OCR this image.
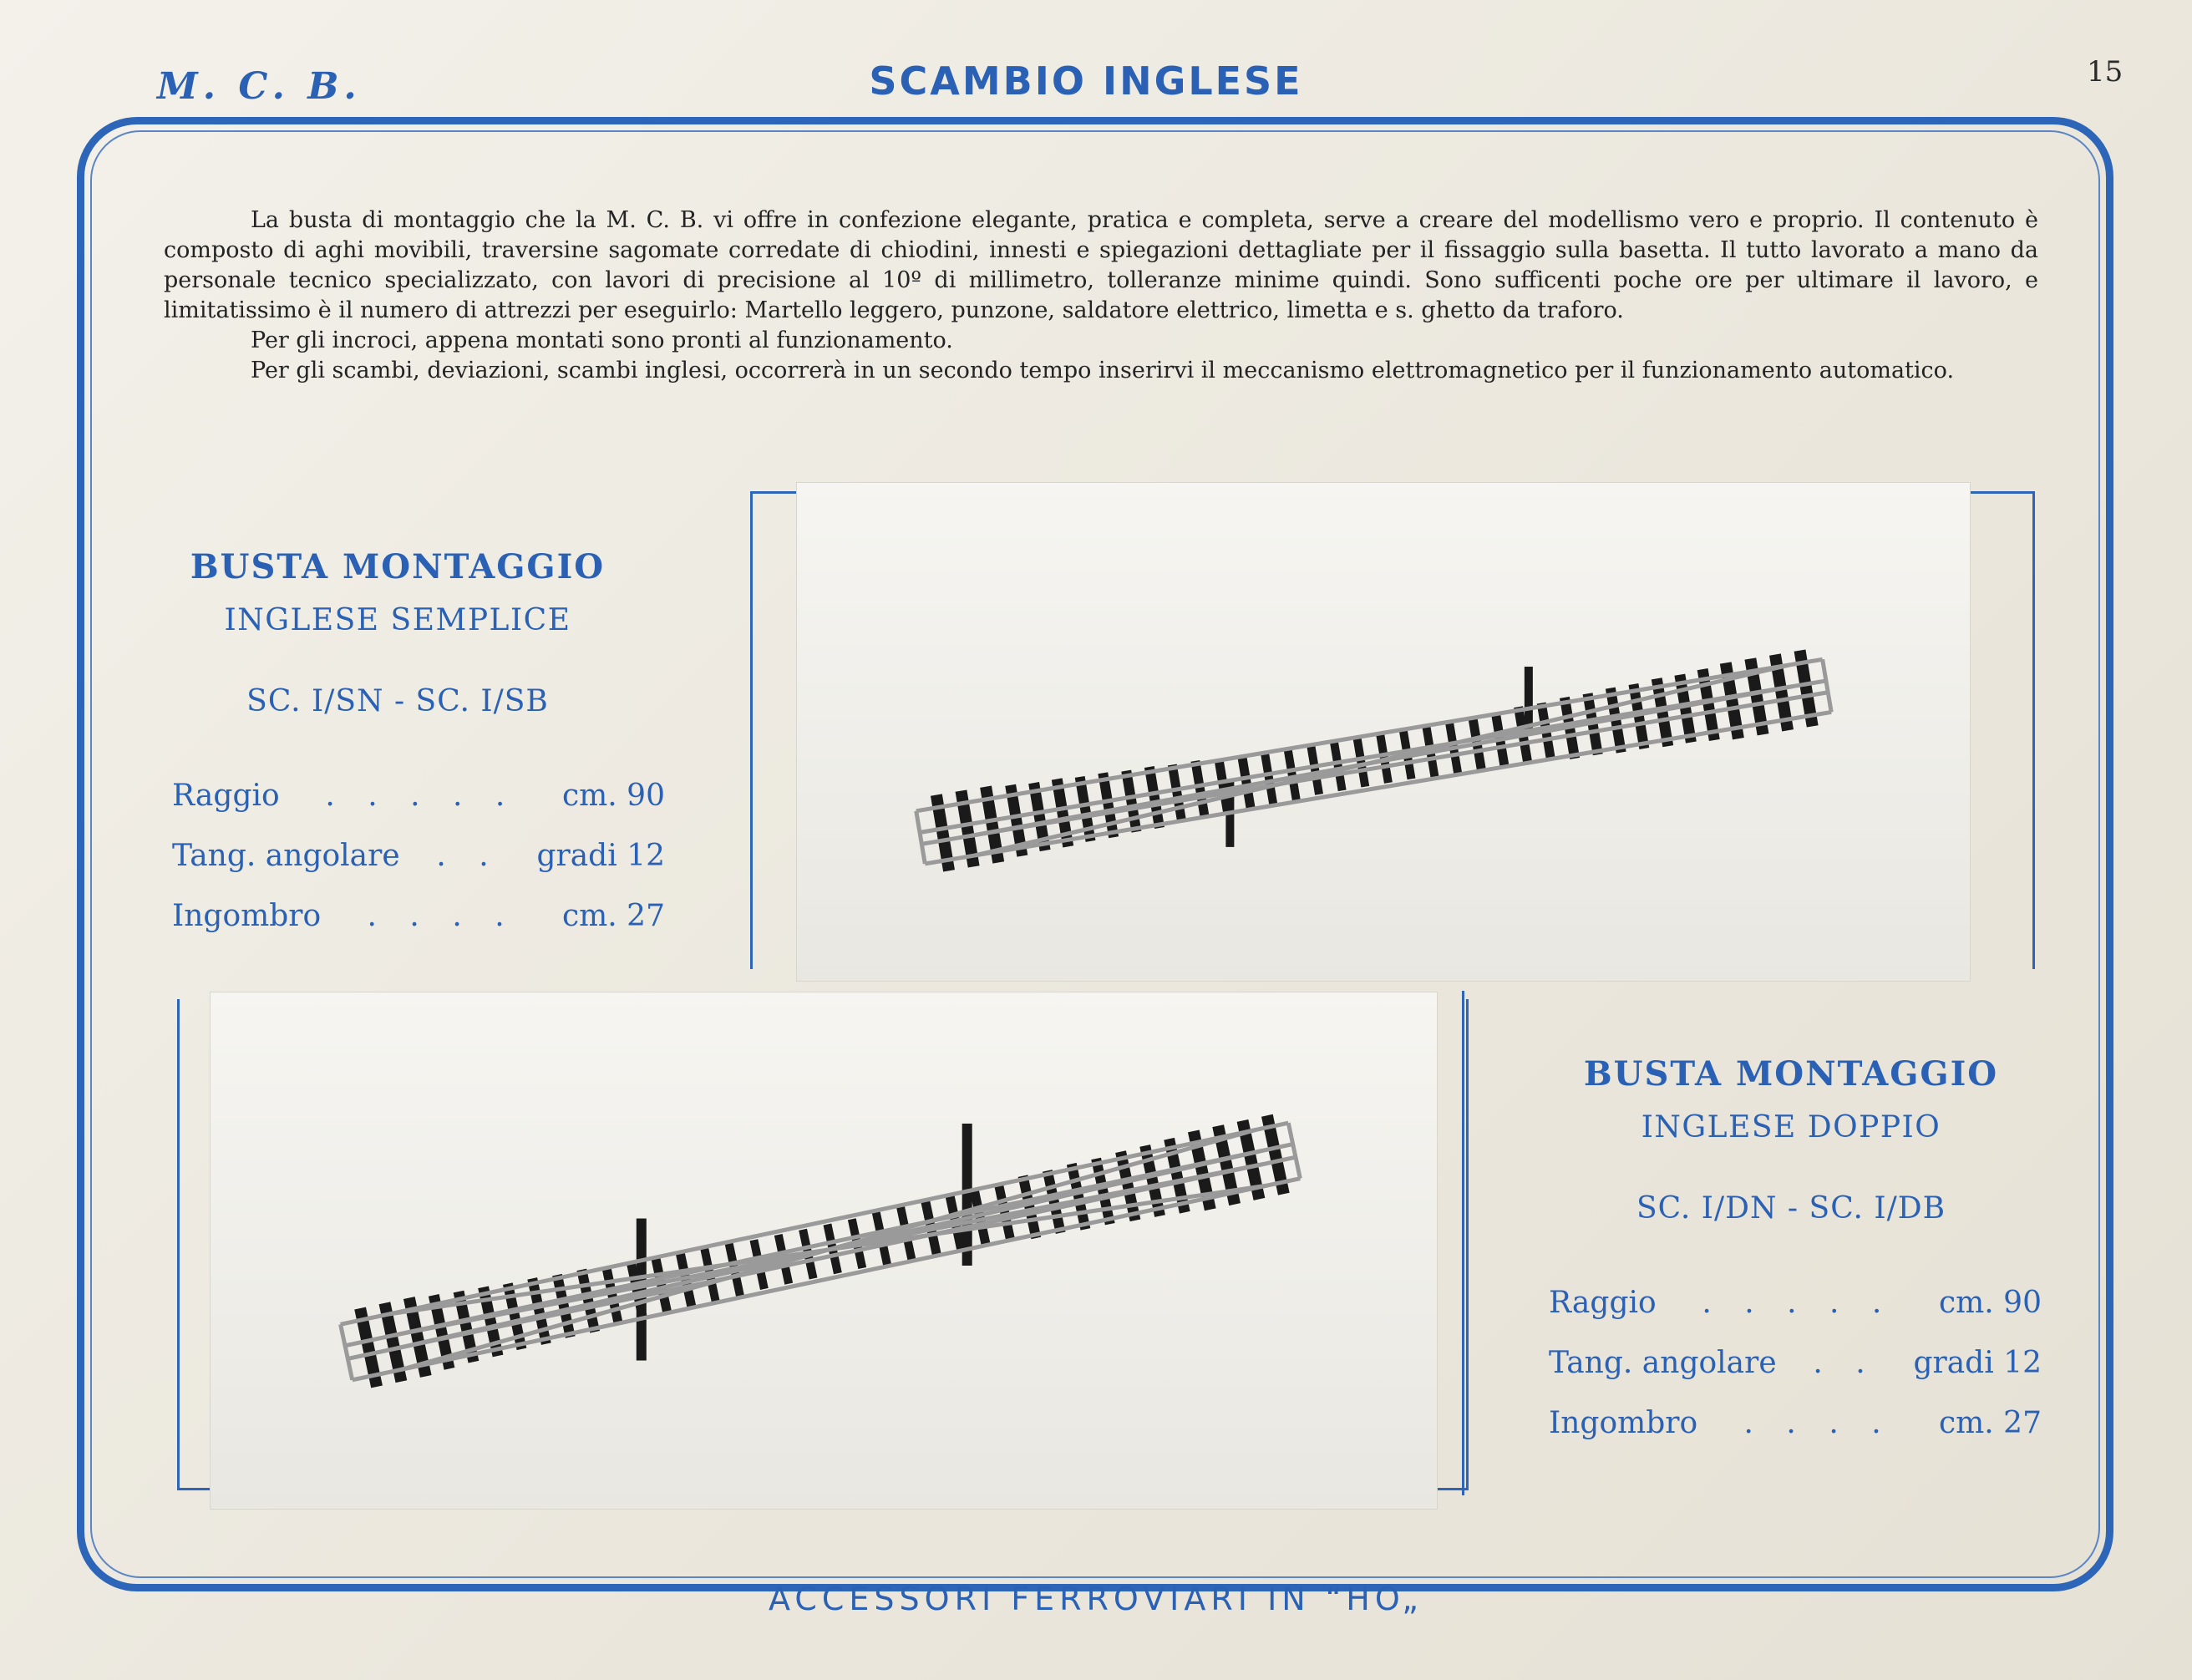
M. C. B.	SCAMBIO INGLESE	15

La busta di montaggio che la M. C. B. vi offre in confezione elegante, pratica e completa, serve a creare del modellismo vero e proprio. Il contenuto è composto di aghi movibili, traversine sagomate corredate di chiodini, innesti e spiegazioni dettagliate per il fissaggio sulla basetta. Il tutto lavorato a mano da personale tecnico specializzato, con lavori di precisione al 10º di millimetro, tolleranze minime quindi. Sono sufficenti poche ore per ultimare il lavoro, e limitatissimo è il numero di attrezzi per eseguirlo: Martello leggero, punzone, saldatore elettrico, limetta e s. ghetto da traforo.

Per gli incroci, appena montati sono pronti al funzionamento.

Per gli scambi, deviazioni, scambi inglesi, occorrerà in un secondo tempo inserirvi il meccanismo elettromagnetico per il funzionamento automatico.

BUSTA MONTAGGIO
INGLESE SEMPLICE
SC. I/SN - SC. I/SB
Raggio	. . . . .	cm. 90
Tang. angolare	. .	gradi 12
Ingombro	. . . .	cm. 27
BUSTA MONTAGGIO
INGLESE DOPPIO
SC. I/DN - SC. I/DB
Raggio	. . . . .	cm. 90
Tang. angolare	. .	gradi 12
Ingombro	. . . .	cm. 27
ACCESSORI FERROVIARI IN “HO„
